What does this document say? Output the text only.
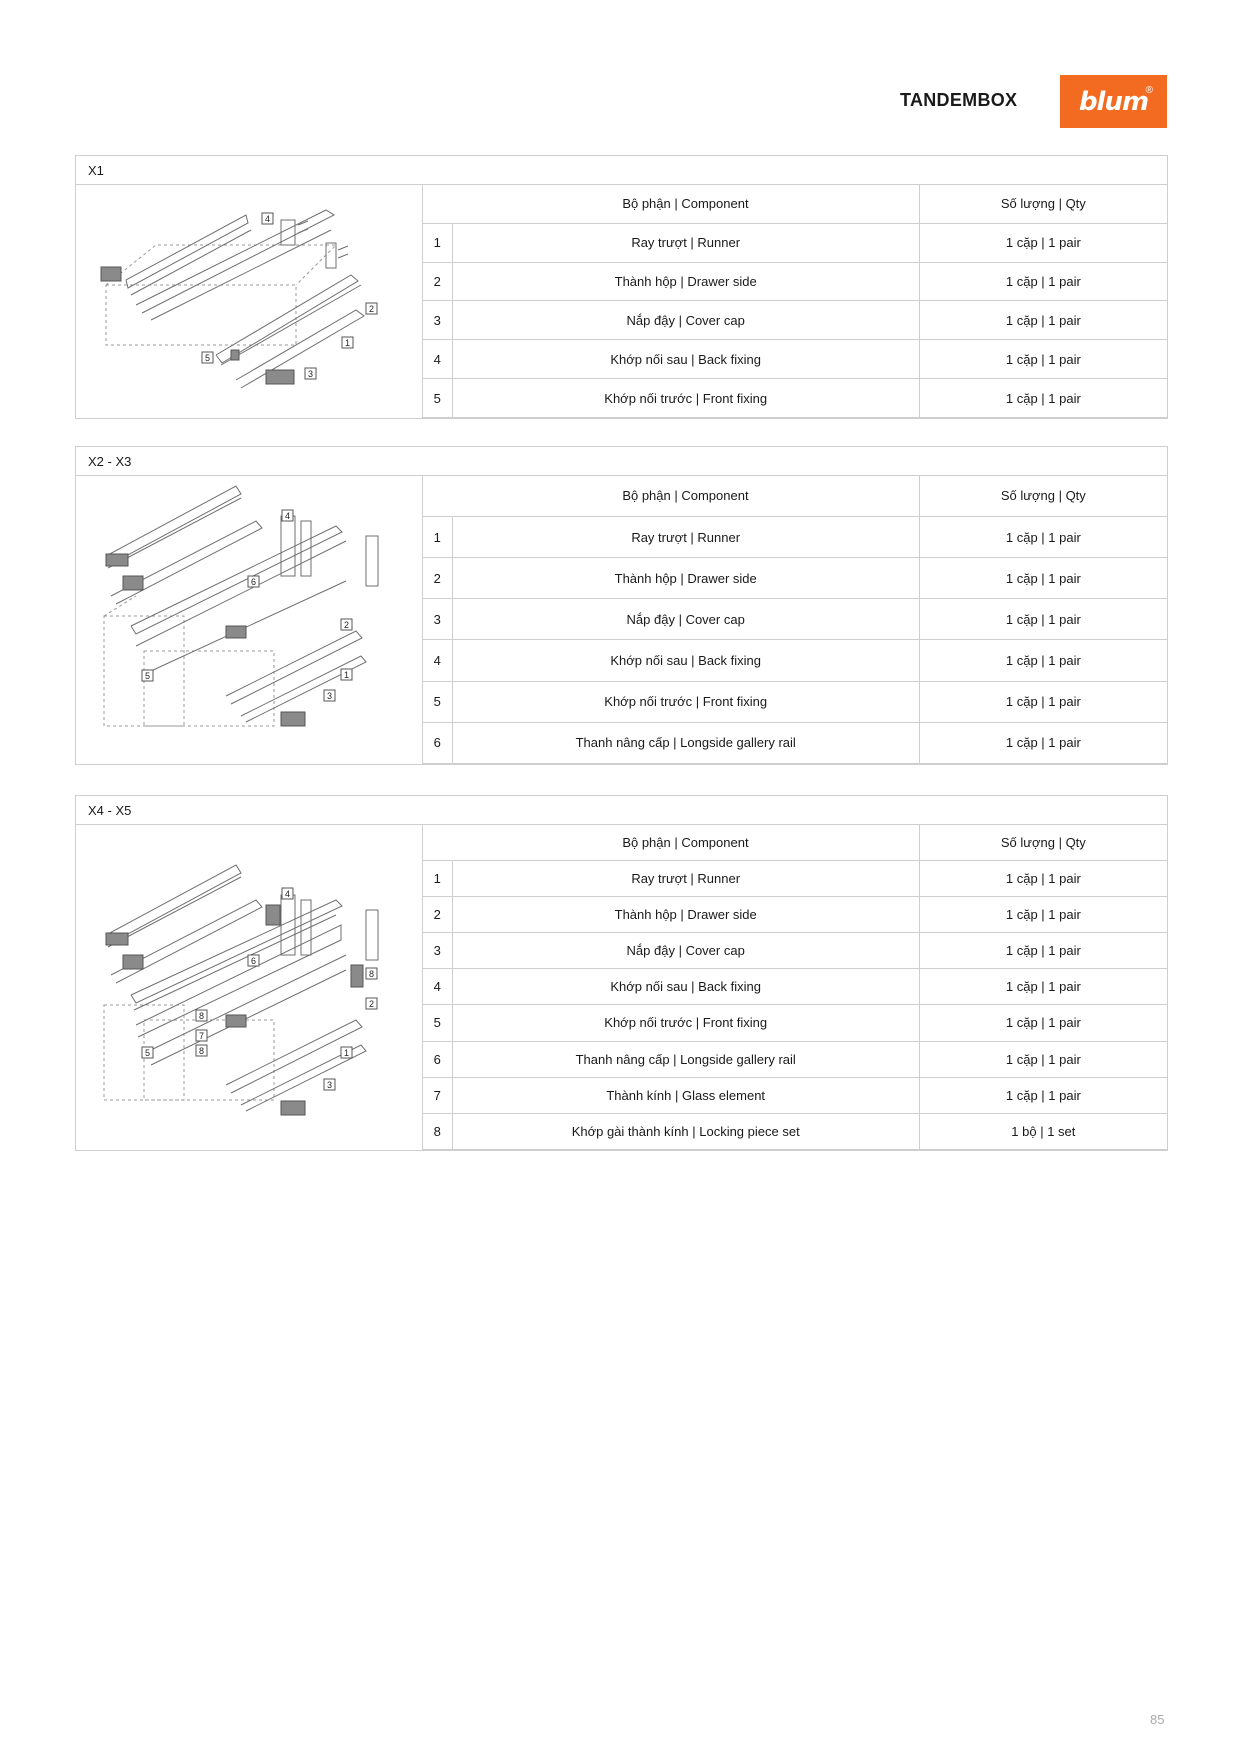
TANDEMBOX blum
®
X1
4
2
5
1
3
	Bộ phận | Component	Số lượng | Qty
1	Ray trượt | Runner	1 cặp | 1 pair
2	Thành hộp | Drawer side	1 cặp | 1 pair
3	Nắp đậy | Cover cap	1 cặp | 1 pair
4	Khớp nối sau | Back fixing	1 cặp | 1 pair
5	Khớp nối trước | Front fixing	1 cặp | 1 pair
X2 - X3
4
6
2
5	1
3
	Bộ phận | Component	Số lượng | Qty
1	Ray trượt | Runner	1 cặp | 1 pair
2	Thành hộp | Drawer side	1 cặp | 1 pair
3	Nắp đậy | Cover cap	1 cặp | 1 pair
4	Khớp nối sau | Back fixing	1 cặp | 1 pair
5	Khớp nối trước | Front fixing	1 cặp | 1 pair
6	Thanh nâng cấp | Longside gallery rail	1 cặp | 1 pair
X4 - X5
4
6
8
2
8
7
5	8	1
3
	Bộ phận | Component	Số lượng | Qty
1	Ray trượt | Runner	1 cặp | 1 pair
2	Thành hộp | Drawer side	1 cặp | 1 pair
3	Nắp đậy | Cover cap	1 cặp | 1 pair
4	Khớp nối sau | Back fixing	1 cặp | 1 pair
5	Khớp nối trước | Front fixing	1 cặp | 1 pair
6	Thanh nâng cấp | Longside gallery rail	1 cặp | 1 pair
7	Thành kính | Glass element	1 cặp | 1 pair
8	Khớp gài thành kính | Locking piece set	1 bộ | 1 set
85
